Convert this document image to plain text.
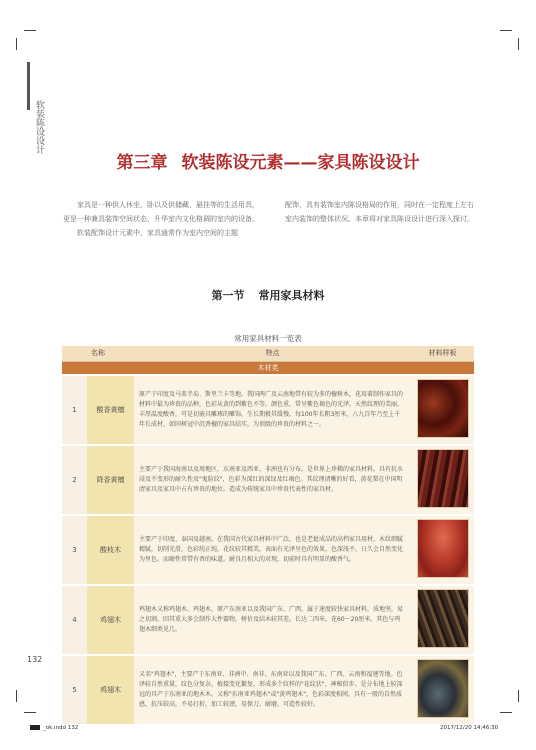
软装陈设设计
第三章 软装陈设元素——家具陈设设计

家具是一种供人休坐、卧以及供储藏、悬挂等的生活用具，更是一种兼具装饰空间状态，升华室内文化格调的室内的设备。

软装配饰设计元素中，家具通常作为室内空间的主题

配饰，具有装饰室内陈设格局的作用，同时在一定程度上左右室内装饰的整体状况。本章将对家具陈设设计进行深入探讨。

第一节 常用家具材料
常用家具材料一览表
名称		特点	材料样板
木材类			
1	酸香黄檀	原产于印度及马来半岛、斯里兰卡等地。我国两广及云南地带有较为多的檀树木，花用着制作家具的材料中最为珍贵的品种，色彩从黄的到紫色不等。颜色重，常呈紫色褐色的光泽。天然纹理的美丽，丰厚温度酸香，可是切嵌具雕琢的雕饰，生长期极其缓慢，每100年长粗3厘米，八九百年乃至上千年长成材，如同树冠中沉香檀的家具结实，为顶级的珍贵的材料之一。	
2	降香黄檀	主要产于我国海南以及周地区，东南亚及西亚、非洲也有分布。是世界上珍稀的家具材料，具有抗水浸及不变形的耐久性及"鬼脸纹"，色彩为深红的深绿及红褐色。其纹理清晰的好看，黄花梨在中国明清家具及家具中占有珍贵的地位。造成为传统家具中珍贵代表性的家具材。	
3	酸枝木	主要产于印度、泰国及越南。在我国古代家具材料中广泛，也是老挝成品的高档家具用材。木纹细腻精腻，切削光滑，色彩纯正纯，花纹较其精美，表面有光泽呈色的效果，色深浅不，日久会自然变化为里色。而硬性常带有香的味道。耐良且相大的对现，切前时具有明显的酸香气。	
4	鸡翅木	鸡翅木又称鸡翅木、鸡翅木，原产东南亚以及我国广东、广西，属于速度较快家具材料，质地坚，易之切割。因其重大多会制作大件器物。树价及结木较其差。长达二四米，花60～20厘米。其色与鸡翅木细类见几。	
5	鸡翅木	又名"鸡翅木"，主要产于东南亚、非洲中、南非、东南亚以及我国广东、广西、云南和福建等地。色泽较自然重量，纹色分复杂，植接变化繁复，形成多个纹样的"花纹状"、神秘似步。是分布地上较深远的具产于东南亚的地木木。又称"东南亚鸡翅木"或"黄鸡翅木"，色彩深度相间，具有一般的自然质感，抗压较高，不易打折，加工较漂，易保刀，耐磨，可造性较好。	
132
_ok.indd 132	2017/12/20 14:46:30
